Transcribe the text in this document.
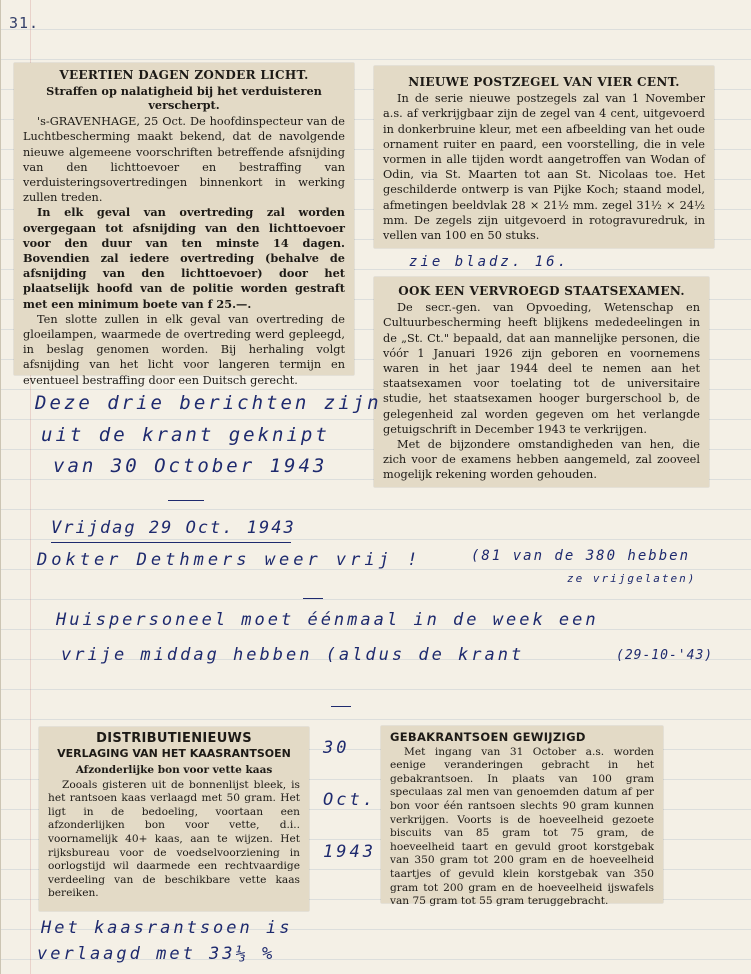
31.
VEERTIEN DAGEN ZONDER LICHT.
Straffen op nalatigheid bij het verduisteren verscherpt.

's-GRAVENHAGE, 25 Oct. De hoofdinspecteur van de Luchtbescherming maakt bekend, dat de navolgende nieuwe algemeene voorschriften betreffende afsnijding van den lichttoevoer en bestraffing van verduisteringsovertredingen binnenkort in werking zullen treden.

In elk geval van overtreding zal worden overgegaan tot afsnijding van den lichttoevoer voor den duur van ten minste 14 dagen. Bovendien zal iedere overtreding (behalve de afsnijding van den lichttoevoer) door het plaatselijk hoofd van de politie worden gestraft met een minimum boete van f 25.—.

Ten slotte zullen in elk geval van overtreding de gloeilampen, waarmede de overtreding werd gepleegd, in beslag genomen worden. Bij herhaling volgt afsnijding van het licht voor langeren termijn en eventueel bestraffing door een Duitsch gerecht.

NIEUWE POSTZEGEL VAN VIER CENT.

In de serie nieuwe postzegels zal van 1 November a.s. af verkrijgbaar zijn de zegel van 4 cent, uitgevoerd in donkerbruine kleur, met een afbeelding van het oude ornament ruiter en paard, een voorstelling, die in vele vormen in alle tijden wordt aangetroffen van Wodan of Odin, via St. Maarten tot aan St. Nicolaas toe. Het geschilderde ontwerp is van Pijke Koch; staand model, afmetingen beeldvlak 28 × 21½ mm. zegel 31½ × 24½ mm. De zegels zijn uitgevoerd in rotogravuredruk, in vellen van 100 en 50 stuks.

OOK EEN VERVROEGD STAATSEXAMEN.

De secr.-gen. van Opvoeding, Wetenschap en Cultuurbescherming heeft blijkens mededeelingen in de „St. Ct." bepaald, dat aan mannelijke personen, die vóór 1 Januari 1926 zijn geboren en voornemens waren in het jaar 1944 deel te nemen aan het staatsexamen voor toelating tot de universitaire studie, het staatsexamen hooger burgerschool b, de gelegenheid zal worden gegeven om het verlangde getuigschrift in December 1943 te verkrijgen.

Met de bijzondere omstandigheden van hen, die zich voor de examens hebben aangemeld, zal zooveel mogelijk rekening worden gehouden.

DISTRIBUTIENIEUWS
VERLAGING VAN HET KAASRANTSOEN
Afzonderlijke bon voor vette kaas

Zooals gisteren uit de bonnenlijst bleek, is het rantsoen kaas verlaagd met 50 gram. Het ligt in de bedoeling, voortaan een afzonderlijken bon voor vette, d.i.. voornamelijk 40+ kaas, aan te wijzen. Het rijksbureau voor de voedselvoorziening in oorlogstijd wil daarmede een rechtvaardige verdeeling van de beschikbare vette kaas bereiken.

GEBAKRANTSOEN GEWIJZIGD

Met ingang van 31 October a.s. worden eenige veranderingen gebracht in het gebakrantsoen. In plaats van 100 gram speculaas zal men van genoemden datum af per bon voor één rantsoen slechts 90 gram kunnen verkrijgen. Voorts is de hoeveelheid gezoete biscuits van 85 gram tot 75 gram, de hoeveelheid taart en gevuld groot korstgebak van 350 gram tot 200 gram en de hoeveelheid taartjes of gevuld klein korstgebak van 350 gram tot 200 gram en de hoeveelheid ijswafels van 75 gram tot 55 gram teruggebracht.

zie bladz. 16.
Deze drie berichten zijn
uit de krant geknipt
van 30 October 1943
Vrijdag 29 Oct. 1943
Dokter Dethmers weer vrij !	(81 van de 380 hebben
ze vrijgelaten)
Huispersoneel moet éénmaal in de week een
vrije middag hebben (aldus de krant	(29-10-'43)
30
Oct.
1943
Het kaasrantsoen is
verlaagd met 33⅓ %
